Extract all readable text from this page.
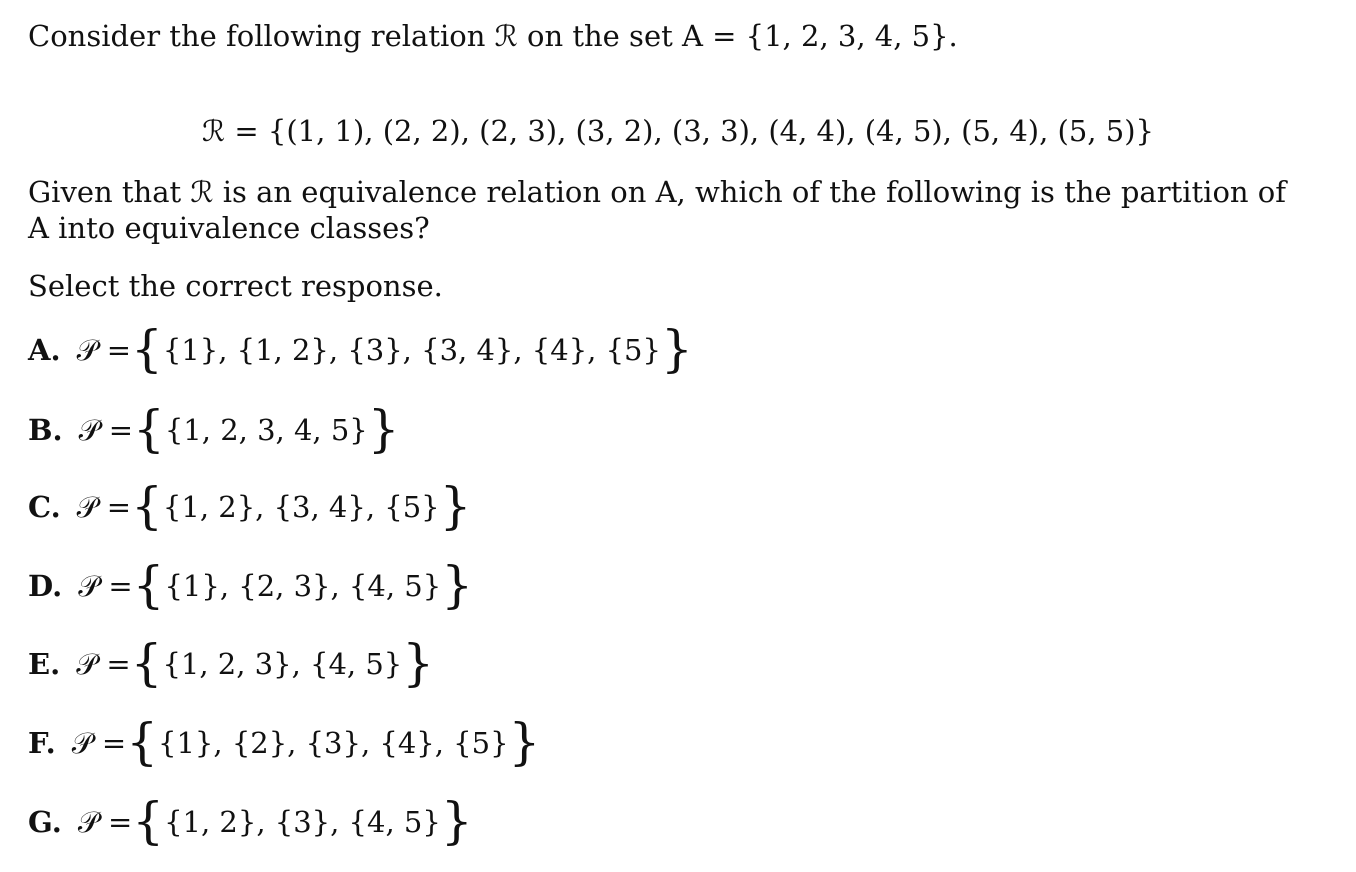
Consider the following relation ℛ on the set A = {1, 2, 3, 4, 5}.
ℛ = {(1, 1), (2, 2), (2, 3), (3, 2), (3, 3), (4, 4), (4, 5), (5, 4), (5, 5)}
Given that ℛ is an equivalence relation on A, which of the following is the partition of A into equivalence classes?
Select the correct response.
A. 𝒫 = { {1}, {1, 2}, {3}, {3, 4}, {4}, {5} }
B. 𝒫 = { {1, 2, 3, 4, 5} }
C. 𝒫 = { {1, 2}, {3, 4}, {5} }
D. 𝒫 = { {1}, {2, 3}, {4, 5} }
E. 𝒫 = { {1, 2, 3}, {4, 5} }
F. 𝒫 = { {1}, {2}, {3}, {4}, {5} }
G. 𝒫 = { {1, 2}, {3}, {4, 5} }
